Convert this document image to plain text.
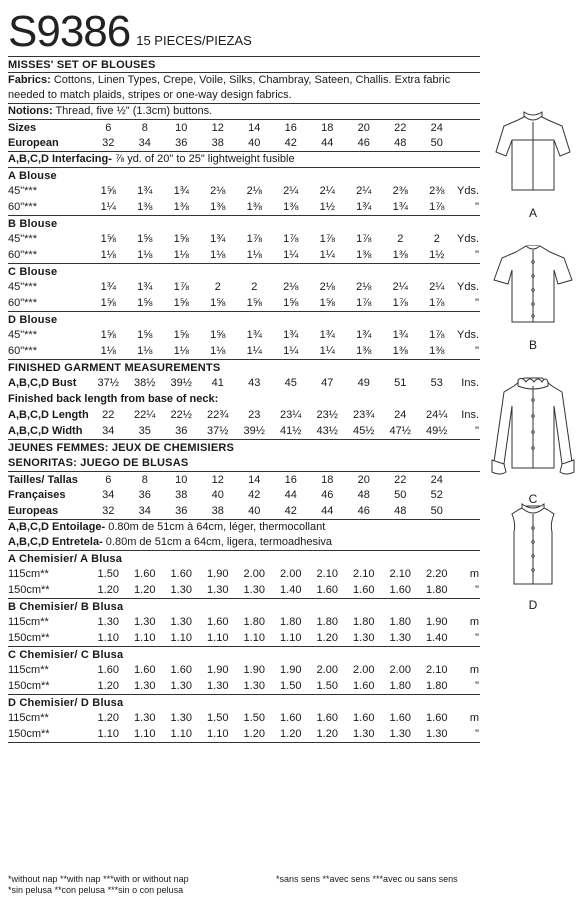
S9386 15 PIECES/PIEZAS
MISSES' SET OF BLOUSES
Fabrics: Cottons, Linen Types, Crepe, Voile, Silks, Chambray, Sateen, Challis. Extra fabric needed to match plaids, stripes or one-way design fabrics.
Notions: Thread, five ½" (1.3cm) buttons.
Sizes	6	8	10	12	14	16	18	20	22	24
European	32	34	36	38	40	42	44	46	48	50
A,B,C,D Interfacing- ⅞ yd. of 20" to 25" lightweight fusible
A Blouse
45"***	1⅝	1¾	1¾	2⅛	2⅛	2¼	2¼	2¼	2⅜	2⅜	Yds.
60"***	1¼	1⅜	1⅜	1⅜	1⅜	1⅜	1½	1¾	1¾	1⅞	"
B Blouse
45"***	1⅝	1⅝	1⅝	1¾	1⅞	1⅞	1⅞	1⅞	2	2	Yds.
60"***	1⅛	1⅛	1⅛	1⅛	1⅛	1¼	1¼	1⅜	1⅜	1½	"
C Blouse
45"***	1¾	1¾	1⅞	2	2	2⅛	2⅛	2⅛	2¼	2¼	Yds.
60"***	1⅝	1⅝	1⅝	1⅝	1⅝	1⅝	1⅝	1⅞	1⅞	1⅞	"
D Blouse
45"***	1⅝	1⅝	1⅝	1⅝	1¾	1¾	1¾	1¾	1¾	1⅞	Yds.
60"***	1⅛	1⅛	1⅛	1⅛	1¼	1¼	1¼	1⅜	1⅜	1⅜	"
FINISHED GARMENT MEASUREMENTS
A,B,C,D Bust	37½	38½	39½	41	43	45	47	49	51	53	Ins.
Finished back length from base of neck:
A,B,C,D Length	22	22¼	22½	22¾	23	23¼	23½	23¾	24	24¼	Ins.
A,B,C,D Width	34	35	36	37½	39½	41½	43½	45½	47½	49½	"
JEUNES FEMMES: JEUX DE CHEMISIERS
SENORITAS: JUEGO DE BLUSAS
Tailles/ Tallas	6	8	10	12	14	16	18	20	22	24
Françaises	34	36	38	40	42	44	46	48	50	52
Europeas	32	34	36	38	40	42	44	46	48	50
A,B,C,D Entoilage- 0.80m de 51cm à 64cm, léger, thermocollant
A,B,C,D Entretela- 0.80m de 51cm a 64cm, ligera, termoadhesiva
A Chemisier/ A Blusa
115cm**	1.50	1.60	1.60	1.90	2.00	2.00	2.10	2.10	2.10	2.20	m
150cm**	1.20	1.20	1.30	1.30	1.30	1.40	1.60	1.60	1.60	1.80	"
B Chemisier/ B Blusa
115cm**	1.30	1.30	1.30	1.60	1.80	1.80	1.80	1.80	1.80	1.90	m
150cm**	1.10	1.10	1.10	1.10	1.10	1.10	1.20	1.30	1.30	1.40	"
C Chemisier/ C Blusa
115cm**	1.60	1.60	1.60	1.90	1.90	1.90	2.00	2.00	2.00	2.10	m
150cm**	1.20	1.30	1.30	1.30	1.30	1.50	1.50	1.60	1.80	1.80	"
D Chemisier/ D Blusa
115cm**	1.20	1.30	1.30	1.50	1.50	1.60	1.60	1.60	1.60	1.60	m
150cm**	1.10	1.10	1.10	1.10	1.20	1.20	1.20	1.30	1.30	1.30	"
A
B
C
D
*without nap **with nap ***with or without nap	*sans sens **avec sens ***avec ou sans sens
*sin pelusa **con pelusa ***sin o con pelusa
